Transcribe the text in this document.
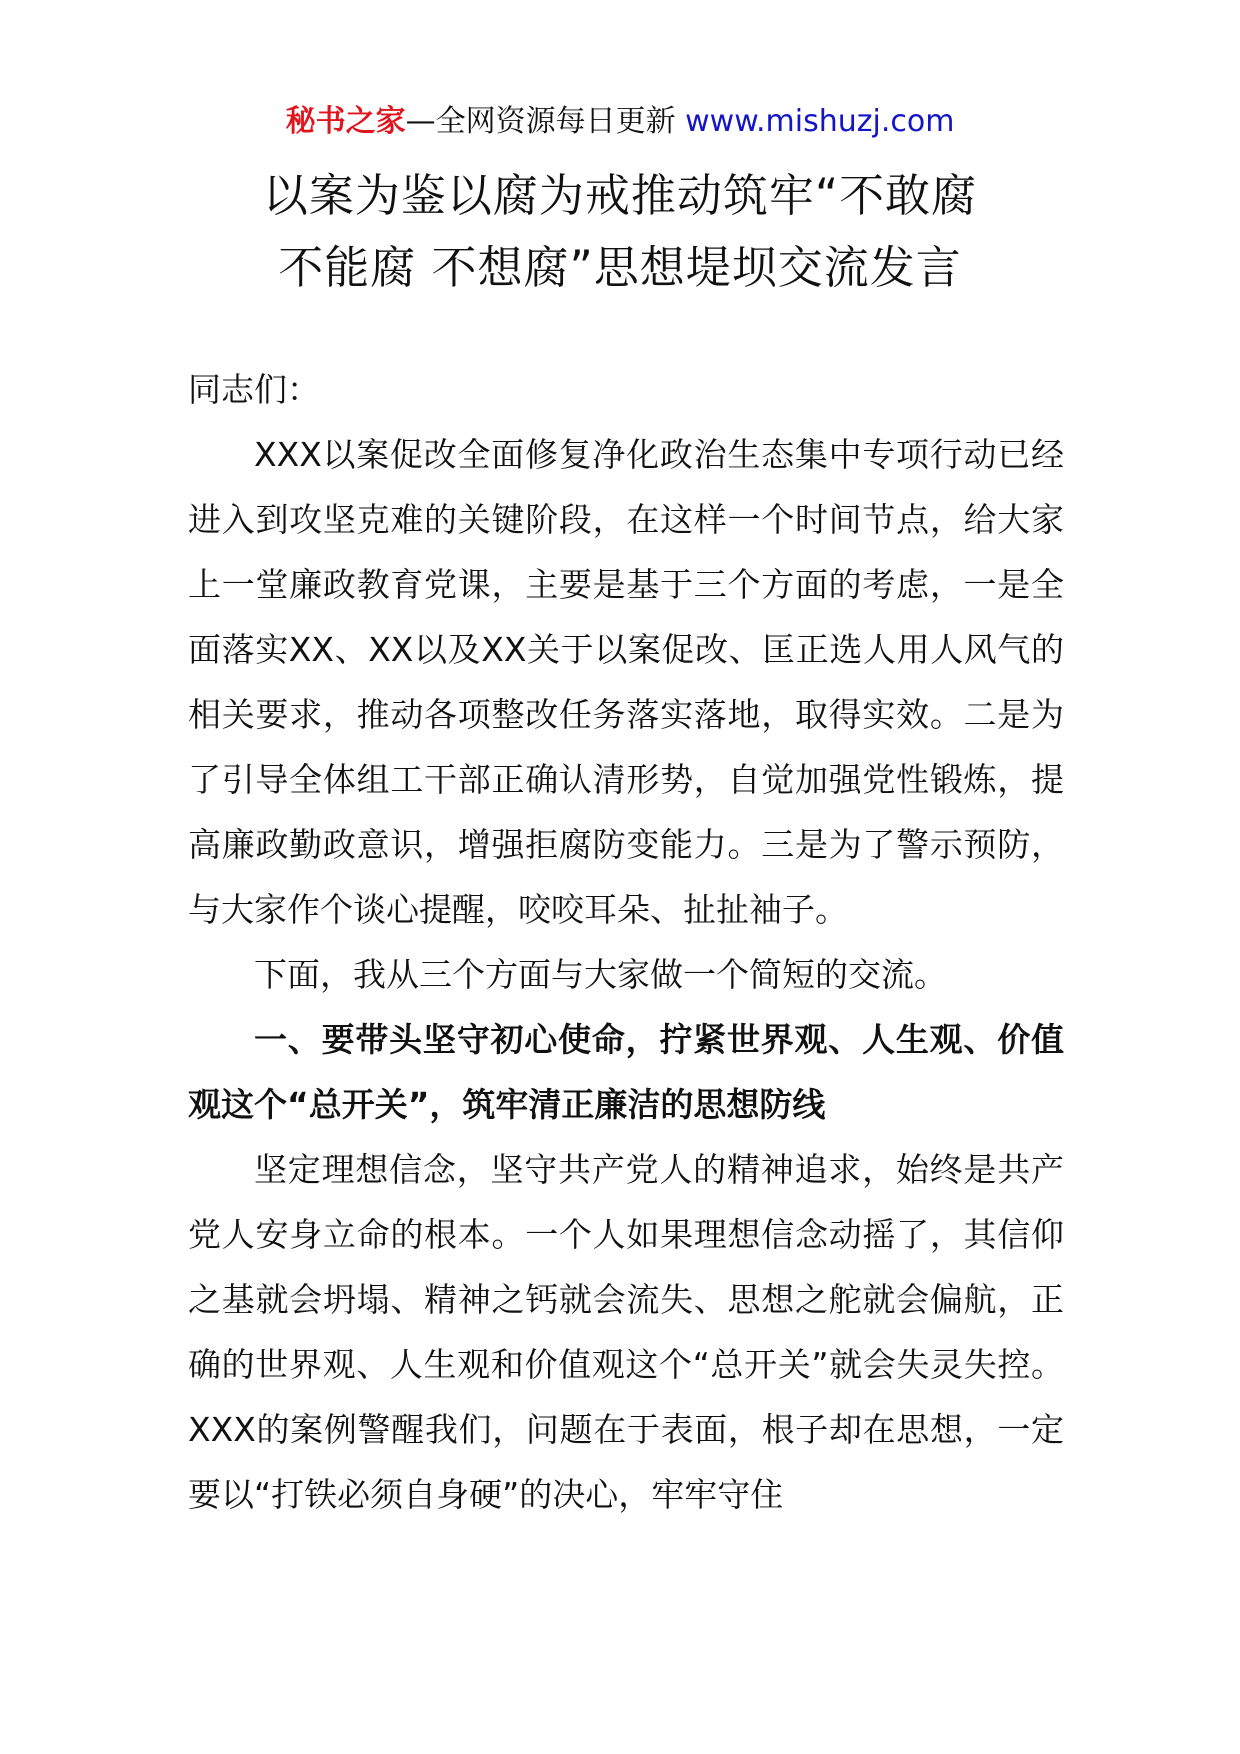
秘书之家—全网资源每日更新 www.mishuzj.com
以案为鉴以腐为戒推动筑牢“不敢腐
不能腐 不想腐”思想堤坝交流发言

同志们：

XXX以案促改全面修复净化政治生态集中专项行动已经进入到攻坚克难的关键阶段，在这样一个时间节点，给大家上一堂廉政教育党课，主要是基于三个方面的考虑，一是全面落实XX、XX以及XX关于以案促改、匡正选人用人风气的相关要求，推动各项整改任务落实落地，取得实效。二是为了引导全体组工干部正确认清形势，自觉加强党性锻炼，提高廉政勤政意识，增强拒腐防变能力。三是为了警示预防，与大家作个谈心提醒，咬咬耳朵、扯扯袖子。

下面，我从三个方面与大家做一个简短的交流。

一、要带头坚守初心使命，拧紧世界观、人生观、价值观这个“总开关”，筑牢清正廉洁的思想防线

坚定理想信念，坚守共产党人的精神追求，始终是共产党人安身立命的根本。一个人如果理想信念动摇了，其信仰之基就会坍塌、精神之钙就会流失、思想之舵就会偏航，正确的世界观、人生观和价值观这个“总开关”就会失灵失控。XXX的案例警醒我们，问题在于表面，根子却在思想，一定要以“打铁必须自身硬”的决心，牢牢守住
